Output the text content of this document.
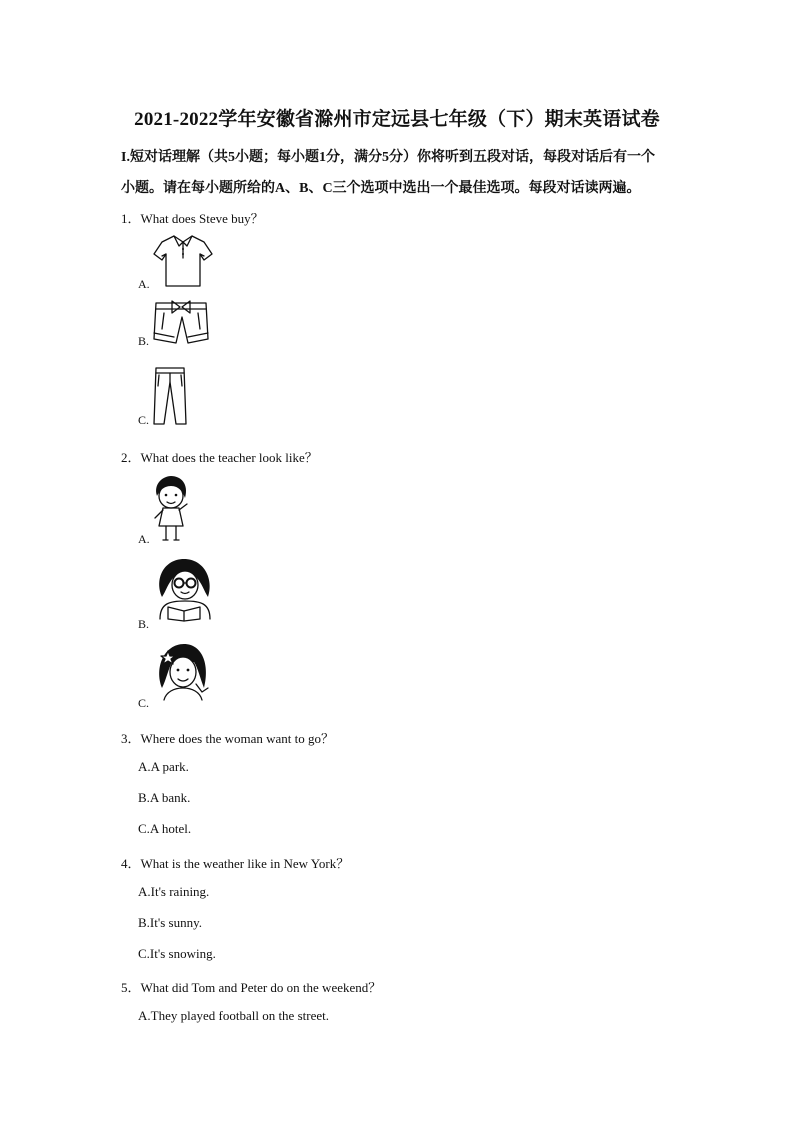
2021-2022学年安徽省滁州市定远县七年级（下）期末英语试卷
I.短对话理解（共5小题；每小题1分，满分5分）你将听到五段对话，每段对话后有一个
小题。请在每小题所给的A、B、C三个选项中选出一个最佳选项。每段对话读两遍。
1．What does Steve buy？
A.
B.
C.
2．What does the teacher look like？
A.
B.
C.
3．Where does the woman want to go？
A.A park.
B.A bank.
C.A hotel.
4．What is the weather like in New York？
A.It's raining.
B.It's sunny.
C.It's snowing.
5．What did Tom and Peter do on the weekend？
A.They played football on the street.
